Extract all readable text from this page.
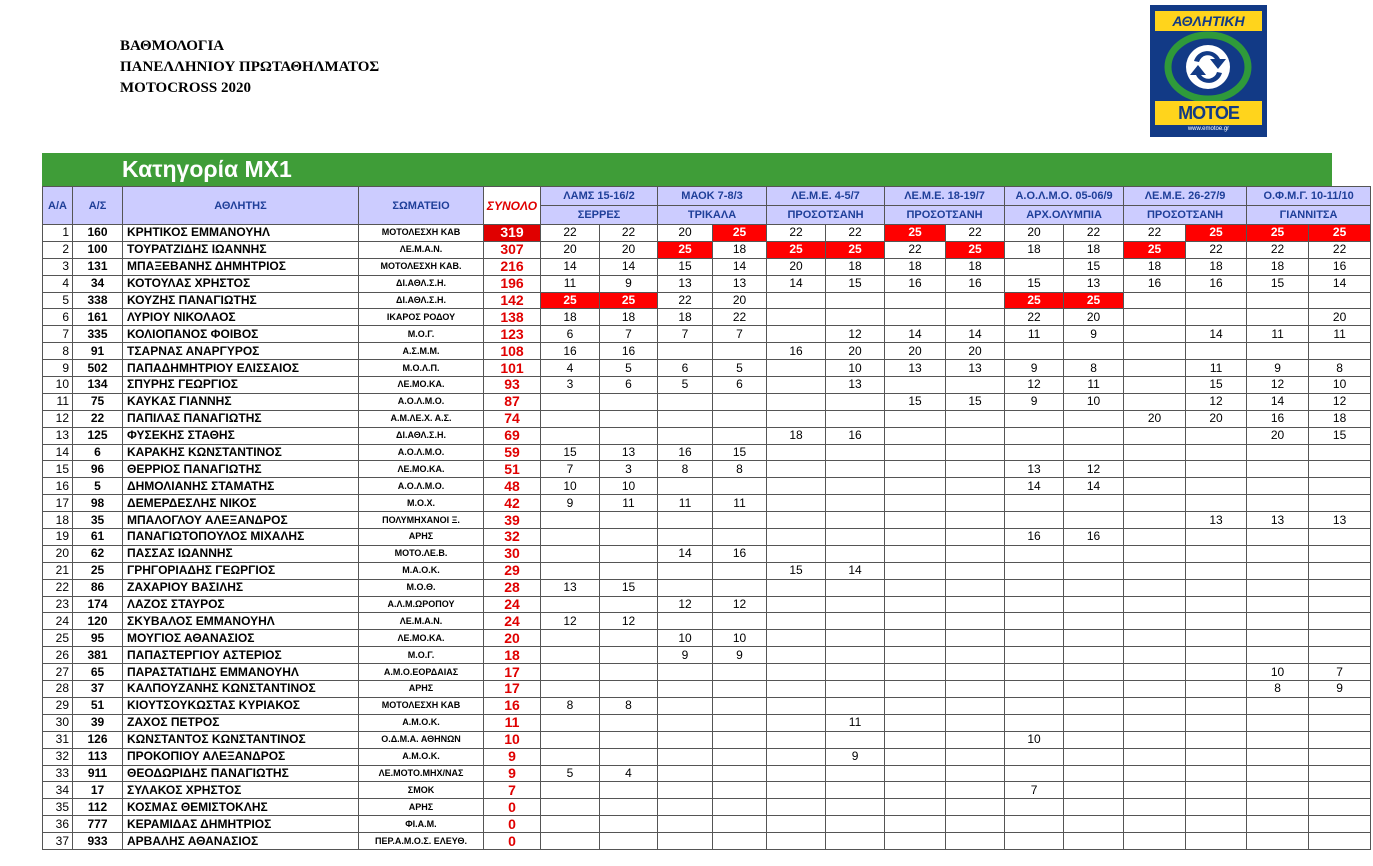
ΒΑΘΜΟΛΟΓΙΑ
ΠΑΝΕΛΛΗΝΙΟΥ ΠΡΩΤΑΘΗΛΜΑΤΟΣ
MOTOCROSS 2020
ΑΘΛΗΤΙΚΗ
MOTOE
www.emotoe.gr
Κατηγορία ΜΧ1
Α/Α	Α/Σ	ΑΘΛΗΤΗΣ	ΣΩΜΑΤΕΙΟ	ΣΥΝΟΛΟ	ΛΑΜΣ 15-16/2		ΜΑΟΚ 7-8/3		ΛΕ.Μ.Ε. 4-5/7		ΛΕ.Μ.Ε. 18-19/7		Α.Ο.Λ.Μ.Ο. 05-06/9		ΛΕ.Μ.Ε. 26-27/9		Ο.Φ.Μ.Γ. 10-11/10	
					ΣΕΡΡΕΣ		ΤΡΙΚΑΛΑ		ΠΡΟΣΟΤΣΑΝΗ		ΠΡΟΣΟΤΣΑΝΗ		ΑΡΧ.ΟΛΥΜΠΙΑ		ΠΡΟΣΟΤΣΑΝΗ		ΓΙΑΝΝΙΤΣΑ	
1	160	ΚΡΗΤΙΚΟΣ ΕΜΜΑΝΟΥΗΛ	ΜΟΤΟΛΕΣΧΗ ΚΑΒ	319	22	22	20	25	22	22	25	22	20	22	22	25	25	25
2	100	ΤΟΥΡΑΤΖΙΔΗΣ ΙΩΑΝΝΗΣ	ΛΕ.Μ.Α.Ν.	307	20	20	25	18	25	25	22	25	18	18	25	22	22	22
3	131	ΜΠΑΞΕΒΑΝΗΣ ΔΗΜΗΤΡΙΟΣ	ΜΟΤΟΛΕΣΧΗ ΚΑΒ.	216	14	14	15	14	20	18	18	18		15	18	18	18	16
4	34	ΚΟΤΟΥΛΑΣ ΧΡΗΣΤΟΣ	ΔΙ.ΑΘΛ.Σ.Η.	196	11	9	13	13	14	15	16	16	15	13	16	16	15	14
5	338	ΚΟΥΖΗΣ ΠΑΝΑΓΙΩΤΗΣ	ΔΙ.ΑΘΛ.Σ.Η.	142	25	25	22	20					25	25				
6	161	ΛΥΡΙΟΥ ΝΙΚΟΛΑΟΣ	ΙΚΑΡΟΣ ΡΟΔΟΥ	138	18	18	18	22					22	20				20
7	335	ΚΟΛΙΟΠΑΝΟΣ ΦΟΙΒΟΣ	Μ.Ο.Γ.	123	6	7	7	7		12	14	14	11	9		14	11	11
8	91	ΤΣΑΡΝΑΣ ΑΝΑΡΓΥΡΟΣ	Α.Σ.Μ.Μ.	108	16	16			16	20	20	20						
9	502	ΠΑΠΑΔΗΜΗΤΡΙΟΥ ΕΛΙΣΣΑΙΟΣ	Μ.Ο.Λ.Π.	101	4	5	6	5		10	13	13	9	8		11	9	8
10	134	ΣΠΥΡΗΣ ΓΕΩΡΓΙΟΣ	ΛΕ.ΜΟ.ΚΑ.	93	3	6	5	6		13			12	11		15	12	10
11	75	ΚΑΥΚΑΣ ΓΙΑΝΝΗΣ	Α.Ο.Λ.Μ.Ο.	87							15	15	9	10		12	14	12
12	22	ΠΑΠΙΛΑΣ ΠΑΝΑΓΙΩΤΗΣ	Α.Μ.ΛΕ.Χ. Α.Σ.	74											20	20	16	18
13	125	ΦΥΣΕΚΗΣ ΣΤΑΘΗΣ	ΔΙ.ΑΘΛ.Σ.Η.	69					18	16							20	15
14	6	ΚΑΡΑΚΗΣ ΚΩΝΣΤΑΝΤΙΝΟΣ	Α.Ο.Λ.Μ.Ο.	59	15	13	16	15										
15	96	ΘΕΡΡΙΟΣ ΠΑΝΑΓΙΩΤΗΣ	ΛΕ.ΜΟ.ΚΑ.	51	7	3	8	8					13	12				
16	5	ΔΗΜΟΛΙΑΝΗΣ ΣΤΑΜΑΤΗΣ	Α.Ο.Λ.Μ.Ο.	48	10	10							14	14				
17	98	ΔΕΜΕΡΔΕΣΛΗΣ ΝΙΚΟΣ	Μ.Ο.Χ.	42	9	11	11	11										
18	35	ΜΠΑΛΟΓΛΟΥ ΑΛΕΞΑΝΔΡΟΣ	ΠΟΛΥΜΗΧΑΝΟΙ Ξ.	39												13	13	13
19	61	ΠΑΝΑΓΙΩΤΟΠΟΥΛΟΣ ΜΙΧΑΛΗΣ	ΑΡΗΣ	32									16	16				
20	62	ΠΑΣΣΑΣ ΙΩΑΝΝΗΣ	ΜΟΤΟ.ΛΕ.Β.	30			14	16										
21	25	ΓΡΗΓΟΡΙΑΔΗΣ ΓΕΩΡΓΙΟΣ	Μ.Α.Ο.Κ.	29					15	14								
22	86	ΖΑΧΑΡΙΟΥ ΒΑΣΙΛΗΣ	Μ.Ο.Θ.	28	13	15												
23	174	ΛΑΖΟΣ ΣΤΑΥΡΟΣ	Α.Λ.Μ.ΩΡΟΠΟΥ	24			12	12										
24	120	ΣΚΥΒΑΛΟΣ ΕΜΜΑΝΟΥΗΛ	ΛΕ.Μ.Α.Ν.	24	12	12												
25	95	ΜΟΥΓΙΟΣ ΑΘΑΝΑΣΙΟΣ	ΛΕ.ΜΟ.ΚΑ.	20			10	10										
26	381	ΠΑΠΑΣΤΕΡΓΙΟΥ ΑΣΤΕΡΙΟΣ	Μ.Ο.Γ.	18			9	9										
27	65	ΠΑΡΑΣΤΑΤΙΔΗΣ ΕΜΜΑΝΟΥΗΛ	Α.Μ.Ο.ΕΟΡΔΑΙΑΣ	17													10	7
28	37	ΚΑΛΠΟΥΖΑΝΗΣ ΚΩΝΣΤΑΝΤΙΝΟΣ	ΑΡΗΣ	17													8	9
29	51	ΚΙΟΥΤΣΟΥΚΩΣΤΑΣ ΚΥΡΙΑΚΟΣ	ΜΟΤΟΛΕΣΧΗ ΚΑΒ	16	8	8												
30	39	ΖΑΧΟΣ ΠΕΤΡΟΣ	Α.Μ.Ο.Κ.	11						11								
31	126	ΚΩΝΣΤΑΝΤΟΣ ΚΩΝΣΤΑΝΤΙΝΟΣ	Ο.Δ.Μ.Α. ΑΘΗΝΩΝ	10									10					
32	113	ΠΡΟΚΟΠΙΟΥ ΑΛΕΞΑΝΔΡΟΣ	Α.Μ.Ο.Κ.	9						9								
33	911	ΘΕΟΔΩΡΙΔΗΣ ΠΑΝΑΓΙΩΤΗΣ	ΛΕ.ΜΟΤΟ.ΜΗΧ/ΝΑΣ	9	5	4												
34	17	ΣΥΛΑΚΟΣ ΧΡΗΣΤΟΣ	ΣΜΟΚ	7									7					
35	112	ΚΟΣΜΑΣ ΘΕΜΙΣΤΟΚΛΗΣ	ΑΡΗΣ	0														
36	777	ΚΕΡΑΜΙΔΑΣ ΔΗΜΗΤΡΙΟΣ	ΦΙ.Α.Μ.	0														
37	933	ΑΡΒΑΛΗΣ ΑΘΑΝΑΣΙΟΣ	ΠΕΡ.Α.Μ.Ο.Σ. ΕΛΕΥΘ.	0														
